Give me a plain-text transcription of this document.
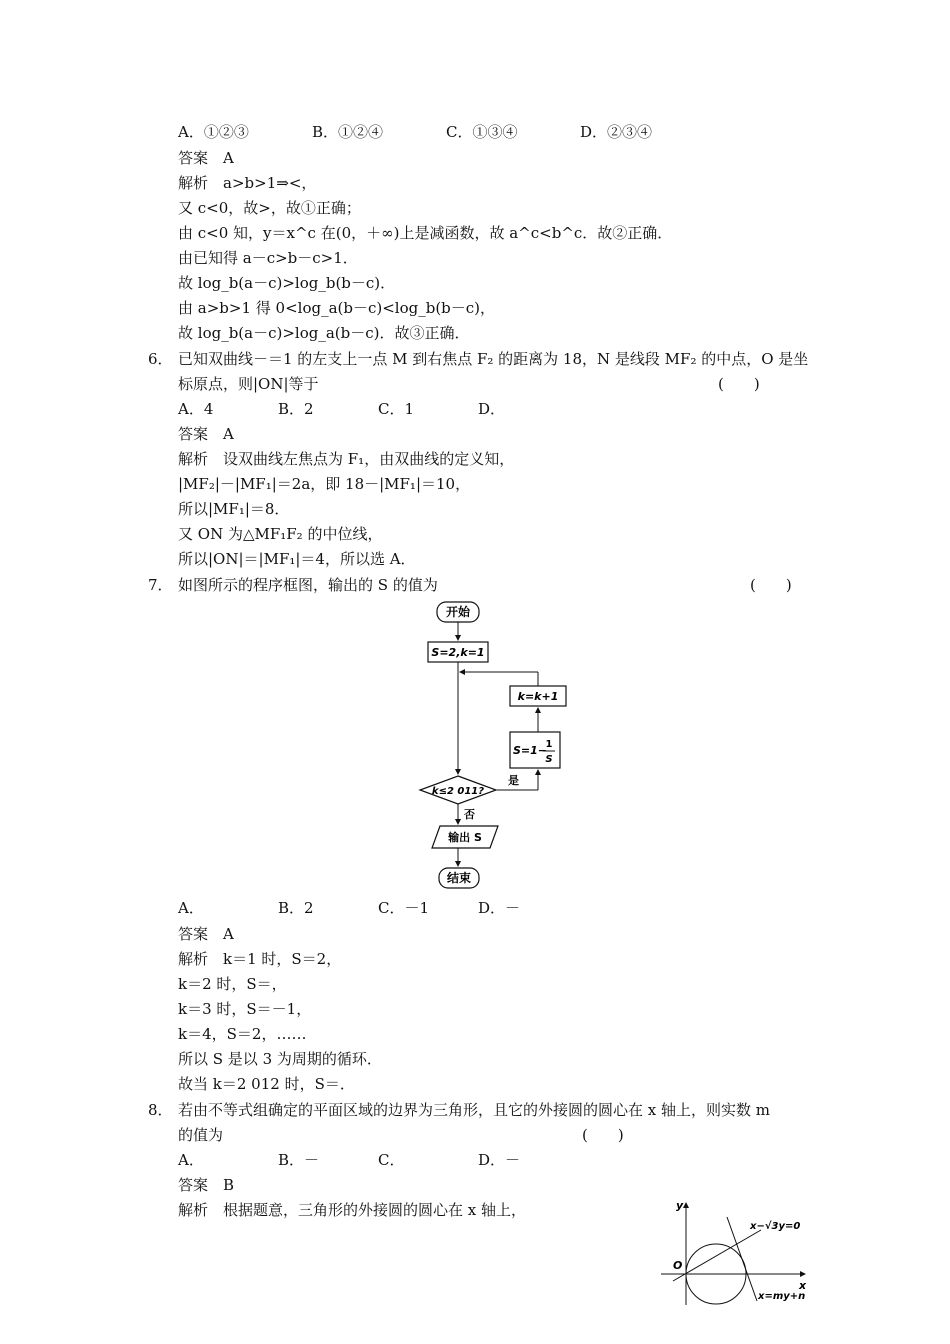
A．①②③	B．①②④	C．①③④	D．②③④
答案　A
解析　 a>b>1⇒<，
又 c<0，故>，故①正确；
由 c<0 知，y＝x^c 在(0，＋∞)上是减函数，故 a^c<b^c．故②正确．
由已知得 a－c>b－c>1．
故 log_b(a－c)>log_b(b－c)．
由 a>b>1 得 0<log_a(b－c)<log_b(b－c)，
故 log_b(a－c)>log_a(b－c)．故③正确．
6． 已知双曲线－＝1 的左支上一点 M 到右焦点 F₂ 的距离为 18，N 是线段 MF₂ 的中点，O 是坐
标原点，则|ON|等于	(　　)
A．4	B．2	C．1	D．
答案　A
解析　设双曲线左焦点为 F₁，由双曲线的定义知，
|MF₂|－|MF₁|＝2a，即 18－|MF₁|＝10，
所以|MF₁|＝8．
又 ON 为△MF₁F₂ 的中位线，
所以|ON|＝|MF₁|＝4，所以选 A．
7． 如图所示的程序框图，输出的 S 的值为	(　　)
开始
S=2,k=1
k=k+1
S=1−
1
S
k≤2 011?
是
否
输出 S
结束
A．	B．2	C．－1	D．－
答案　A
解析　k＝1 时，S＝2，
k＝2 时，S＝，
k＝3 时，S＝－1，
k＝4，S＝2，……
所以 S 是以 3 为周期的循环．
故当 k＝2 012 时，S＝．
8． 若由不等式组确定的平面区域的边界为三角形，且它的外接圆的圆心在 x 轴上，则实数 m
的值为	(　　)
A．	B．－	C．	D．－
答案　B
解析　根据题意，三角形的外接圆的圆心在 x 轴上，	y
x
O
x−√3y=0
x=my+n
